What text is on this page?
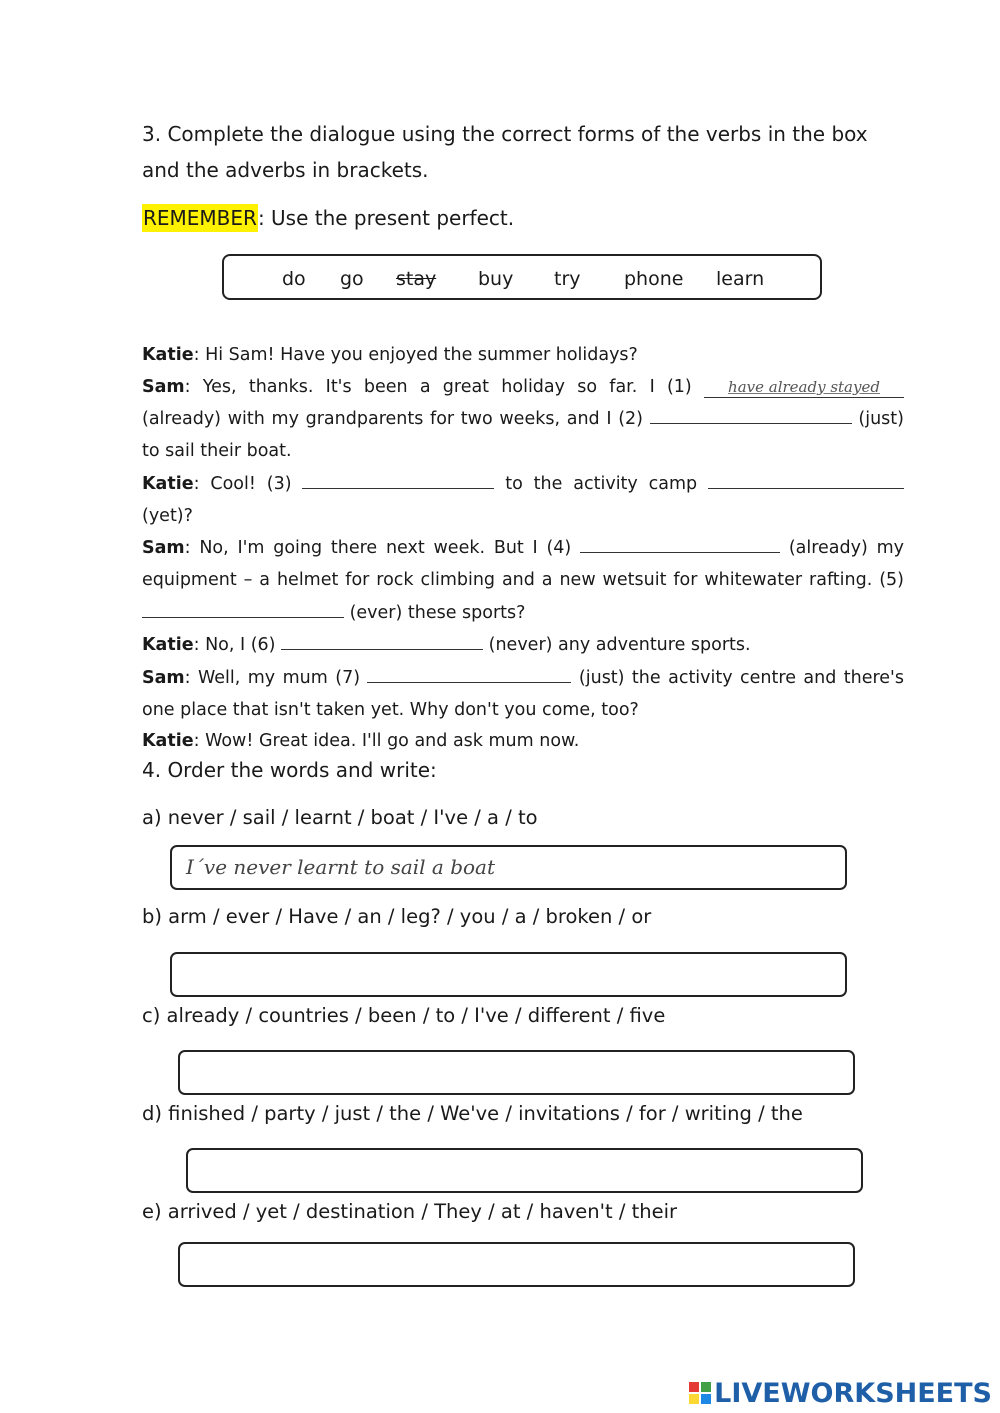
3. Complete the dialogue using the correct forms of the verbs in the box and the adverbs in brackets.
REMEMBER: Use the present perfect.
do go stay buy try phone learn
Katie: Hi Sam! Have you enjoyed the summer holidays?
Sam: Yes, thanks. It's been a great holiday so far. I (1) have already stayed (already) with my grandparents for two weeks, and I (2)	(just) to sail their boat.
Katie: Cool! (3)	to the activity camp  (yet)?
Sam: No, I'm going there next week. But I (4)	(already) my equipment – a helmet for rock climbing and a new wetsuit for whitewater rafting. (5)  (ever) these sports?
Katie: No, I (6)	(never) any adventure sports.
Sam: Well, my mum (7)	(just) the activity centre and there's one place that isn't taken yet. Why don't you come, too?
Katie: Wow! Great idea. I'll go and ask mum now.
4. Order the words and write:
a) never / sail / learnt / boat / I've / a / to
I´ve never learnt to sail a boat
b) arm / ever / Have / an / leg? / you / a / broken / or
c) already / countries / been / to / I've / different / five
d) finished / party / just / the / We've / invitations / for / writing / the
e) arrived / yet / destination / They / at / haven't / their
LIVEWORKSHEETS
